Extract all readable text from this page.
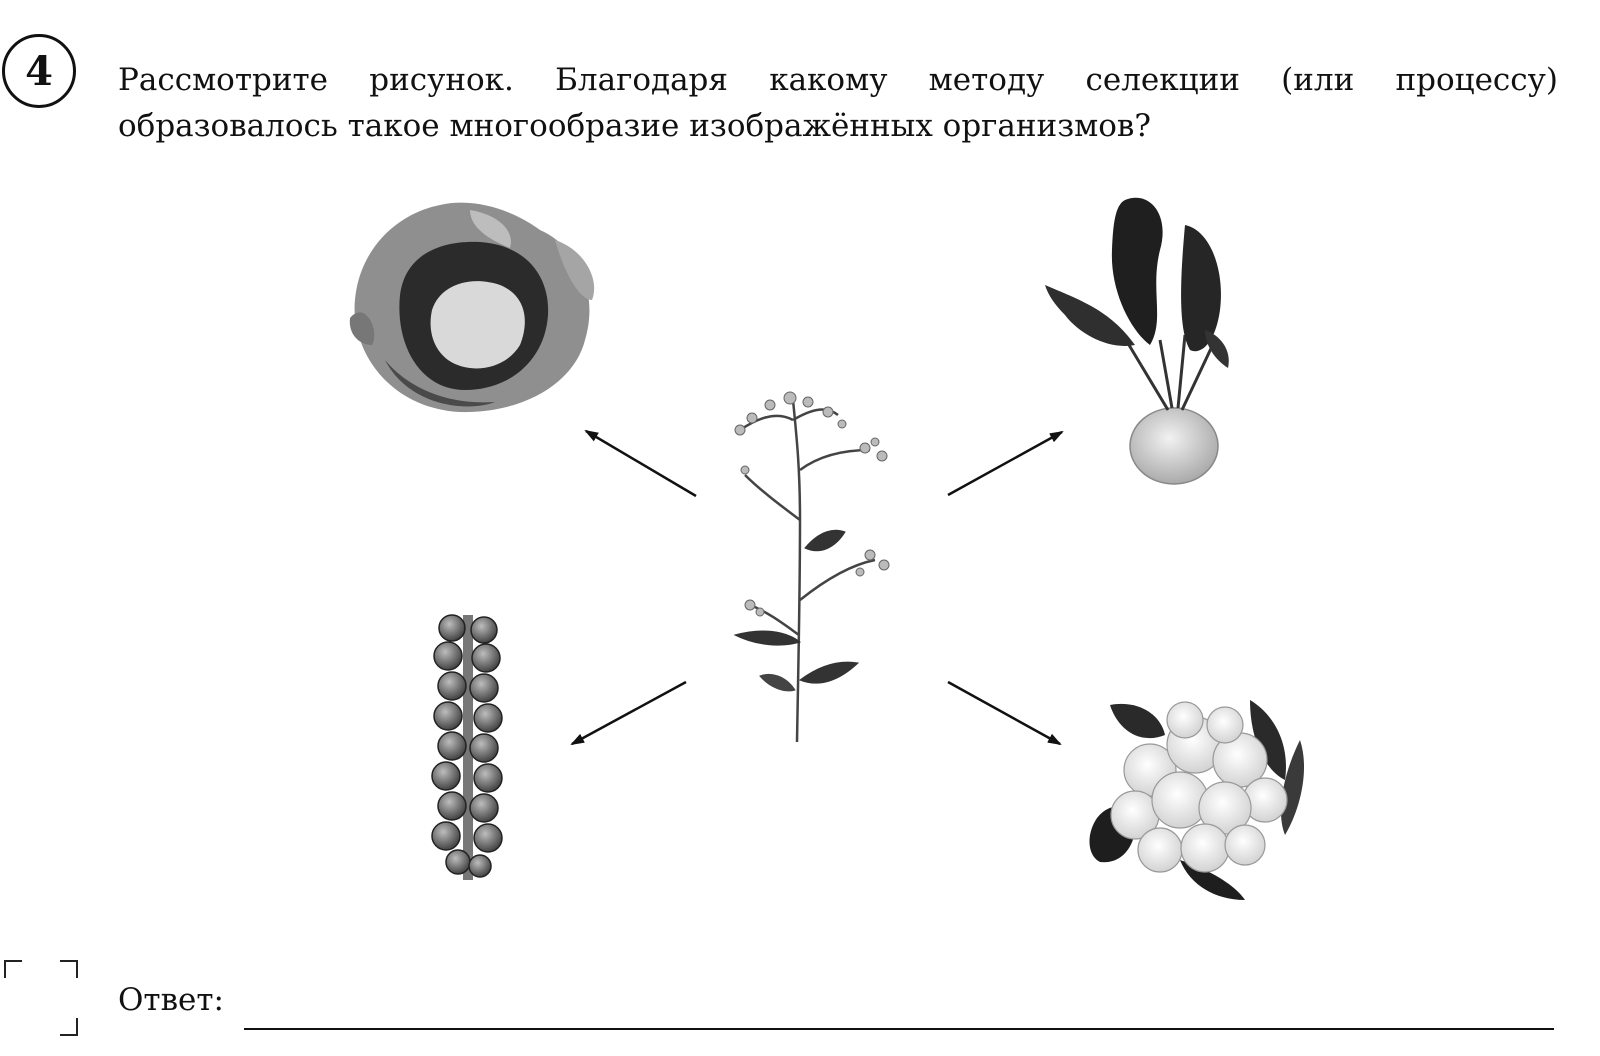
4 Рассмотрите рисунок. Благодаря какому методу селекции (или процессу)
образовалось такое многообразие изображённых организмов?

Ответ:
